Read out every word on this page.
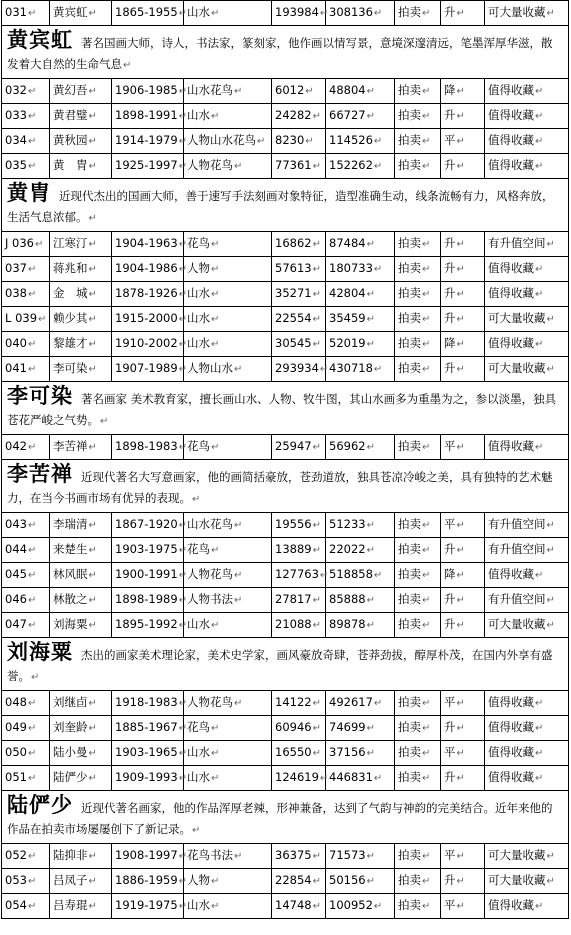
031↵	黄宾虹↵	1865-1955↵	山水↵	193984↵	308136↵	拍卖↵	升↵	可大量收藏↵
黄宾虹 著名国画大师，诗人，书法家，篆刻家，他作画以情写景，意境深邃清远，笔墨浑厚华滋，散发着大自然的生命气息↵								
032↵	黄幻吾↵	1906-1985↵	山水花鸟↵	6012↵	48804↵	拍卖↵	降↵	值得收藏↵
033↵	黄君璧↵	1898-1991↵	山水↵	24282↵	66727↵	拍卖↵	升↵	值得收藏↵
034↵	黄秋园↵	1914-1979↵	人物山水花鸟↵	8230↵	114526↵	拍卖↵	平↵	值得收藏↵
035↵	黄　胄↵	1925-1997↵	人物花鸟↵	77361↵	152262↵	拍卖↵	升↵	值得收藏↵
黄胄 近现代杰出的国画大师，善于速写手法刻画对象特征，造型准确生动，线条流畅有力，风格奔放，生活气息浓郁。↵								
J 036↵	江寒汀↵	1904-1963↵	花鸟↵	16862↵	87484↵	拍卖↵	升↵	有升值空间↵
037↵	蒋兆和↵	1904-1986↵	人物↵	57613↵	180733↵	拍卖↵	升↵	值得收藏↵
038↵	金　城↵	1878-1926↵	山水↵	35271↵	42804↵	拍卖↵	升↵	值得收藏↵
L 039↵	赖少其↵	1915-2000↵	山水↵	22554↵	35459↵	拍卖↵	升↵	可大量收藏↵
040↵	黎雄才↵	1910-2002↵	山水↵	30545↵	52019↵	拍卖↵	降↵	值得收藏↵
041↵	李可染↵	1907-1989↵	人物山水↵	293934↵	430718↵	拍卖↵	升↵	可大量收藏↵
李可染 著名画家 美术教育家，擅长画山水、人物、牧牛图，其山水画多为重墨为之，参以淡墨，独具苍花严峻之气势。↵								
042↵	李苦禅↵	1898-1983↵	花鸟↵	25947↵	56962↵	拍卖↵	平↵	值得收藏↵
李苦禅 近现代著名大写意画家，他的画简括豪放，苍劲道放，独具苍凉冷峻之美，具有独特的艺术魅力，在当今书画市场有优异的表现。↵								
043↵	李瑞清↵	1867-1920↵	山水花鸟↵	19556↵	51233↵	拍卖↵	平↵	有升值空间↵
044↵	来楚生↵	1903-1975↵	花鸟↵	13889↵	22022↵	拍卖↵	升↵	有升值空间↵
045↵	林风眠↵	1900-1991↵	人物花鸟↵	127763↵	518858↵	拍卖↵	降↵	值得收藏↵
046↵	林散之↵	1898-1989↵	人物书法↵	27817↵	85888↵	拍卖↵	升↵	有升值空间↵
047↵	刘海粟↵	1895-1992↵	山水↵	21088↵	89878↵	拍卖↵	升↵	可大量收藏↵
刘海粟 杰出的画家美术理论家，美术史学家，画风豪放奇肆，苍莽劲拔，醇厚朴茂，在国内外享有盛誉。↵								
048↵	刘继卣↵	1918-1983↵	人物花鸟↵	14122↵	492617↵	拍卖↵	平↵	值得收藏↵
049↵	刘奎龄↵	1885-1967↵	花鸟↵	60946↵	74699↵	拍卖↵	升↵	值得收藏↵
050↵	陆小曼↵	1903-1965↵	山水↵	16550↵	37156↵	拍卖↵	平↵	值得收藏↵
051↵	陆俨少↵	1909-1993↵	山水↵	124619↵	446831↵	拍卖↵	升↵	值得收藏↵
陆俨少 近现代著名画家，他的作品浑厚老辣，形神兼备，达到了气韵与神韵的完美结合。近年来他的作品在拍卖市场屡屡创下了新记录。↵								
052↵	陆抑非↵	1908-1997↵	花鸟书法↵	36375↵	71573↵	拍卖↵	平↵	可大量收藏↵
053↵	吕凤子↵	1886-1959↵	人物↵	22854↵	50156↵	拍卖↵	升↵	可大量收藏↵
054↵	吕寿琨↵	1919-1975↵	山水↵	14748↵	100952↵	拍卖↵	平↵	值得收藏↵
